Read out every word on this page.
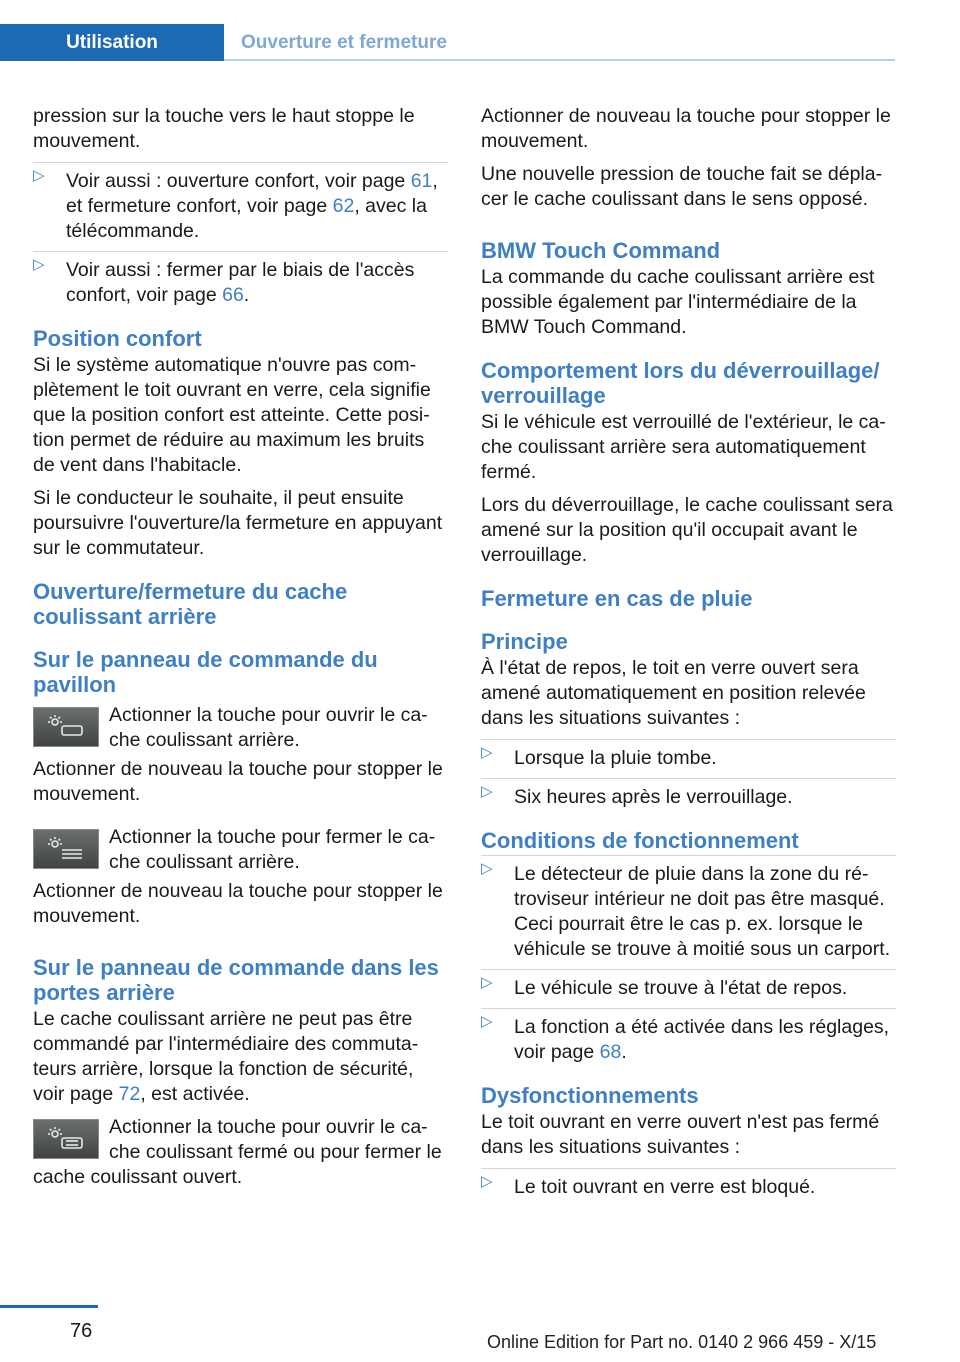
Utilisation	Ouverture et fermeture

pression sur la touche vers le haut stoppe le mouvement.

▷ Voir aussi : ouverture confort, voir page 61, et fermeture confort, voir page 62, avec la télécommande.
▷ Voir aussi : fermer par le biais de l'accès confort, voir page 66.
Position confort

Si le système automatique n'ouvre pas complètement le toit ouvrant en verre, cela signifie que la position confort est atteinte. Cette position permet de réduire au maximum les bruits de vent dans l'habitacle.

Si le conducteur le souhaite, il peut ensuite poursuivre l'ouverture/la fermeture en appuyant sur le commutateur.

Ouverture/fermeture du cache coulissant arrière
Sur le panneau de commande du pavillon
Actionner la touche pour ouvrir le cache coulissant arrière.

Actionner de nouveau la touche pour stopper le mouvement.

Actionner la touche pour fermer le cache coulissant arrière.

Actionner de nouveau la touche pour stopper le mouvement.

Sur le panneau de commande dans les portes arrière

Le cache coulissant arrière ne peut pas être commandé par l'intermédiaire des commutateurs arrière, lorsque la fonction de sécurité, voir page 72, est activée.

Actionner la touche pour ouvrir le cache coulissant fermé ou pour fermer le cache coulissant ouvert.

Actionner de nouveau la touche pour stopper le mouvement.

Une nouvelle pression de touche fait se déplacer le cache coulissant dans le sens opposé.

BMW Touch Command

La commande du cache coulissant arrière est possible également par l'intermédiaire de la BMW Touch Command.

Comportement lors du déverrouillage/ verrouillage

Si le véhicule est verrouillé de l'extérieur, le cache coulissant arrière sera automatiquement fermé.

Lors du déverrouillage, le cache coulissant sera amené sur la position qu'il occupait avant le verrouillage.

Fermeture en cas de pluie
Principe

À l'état de repos, le toit en verre ouvert sera amené automatiquement en position relevée dans les situations suivantes :

▷ Lorsque la pluie tombe.
▷ Six heures après le verrouillage.
Conditions de fonctionnement
▷ Le détecteur de pluie dans la zone du rétroviseur intérieur ne doit pas être masqué. Ceci pourrait être le cas p. ex. lorsque le véhicule se trouve à moitié sous un carport.
▷ Le véhicule se trouve à l'état de repos.
▷ La fonction a été activée dans les réglages, voir page 68.
Dysfonctionnements

Le toit ouvrant en verre ouvert n'est pas fermé dans les situations suivantes :

▷ Le toit ouvrant en verre est bloqué.
76	Online Edition for Part no. 0140 2 966 459 - X/15
